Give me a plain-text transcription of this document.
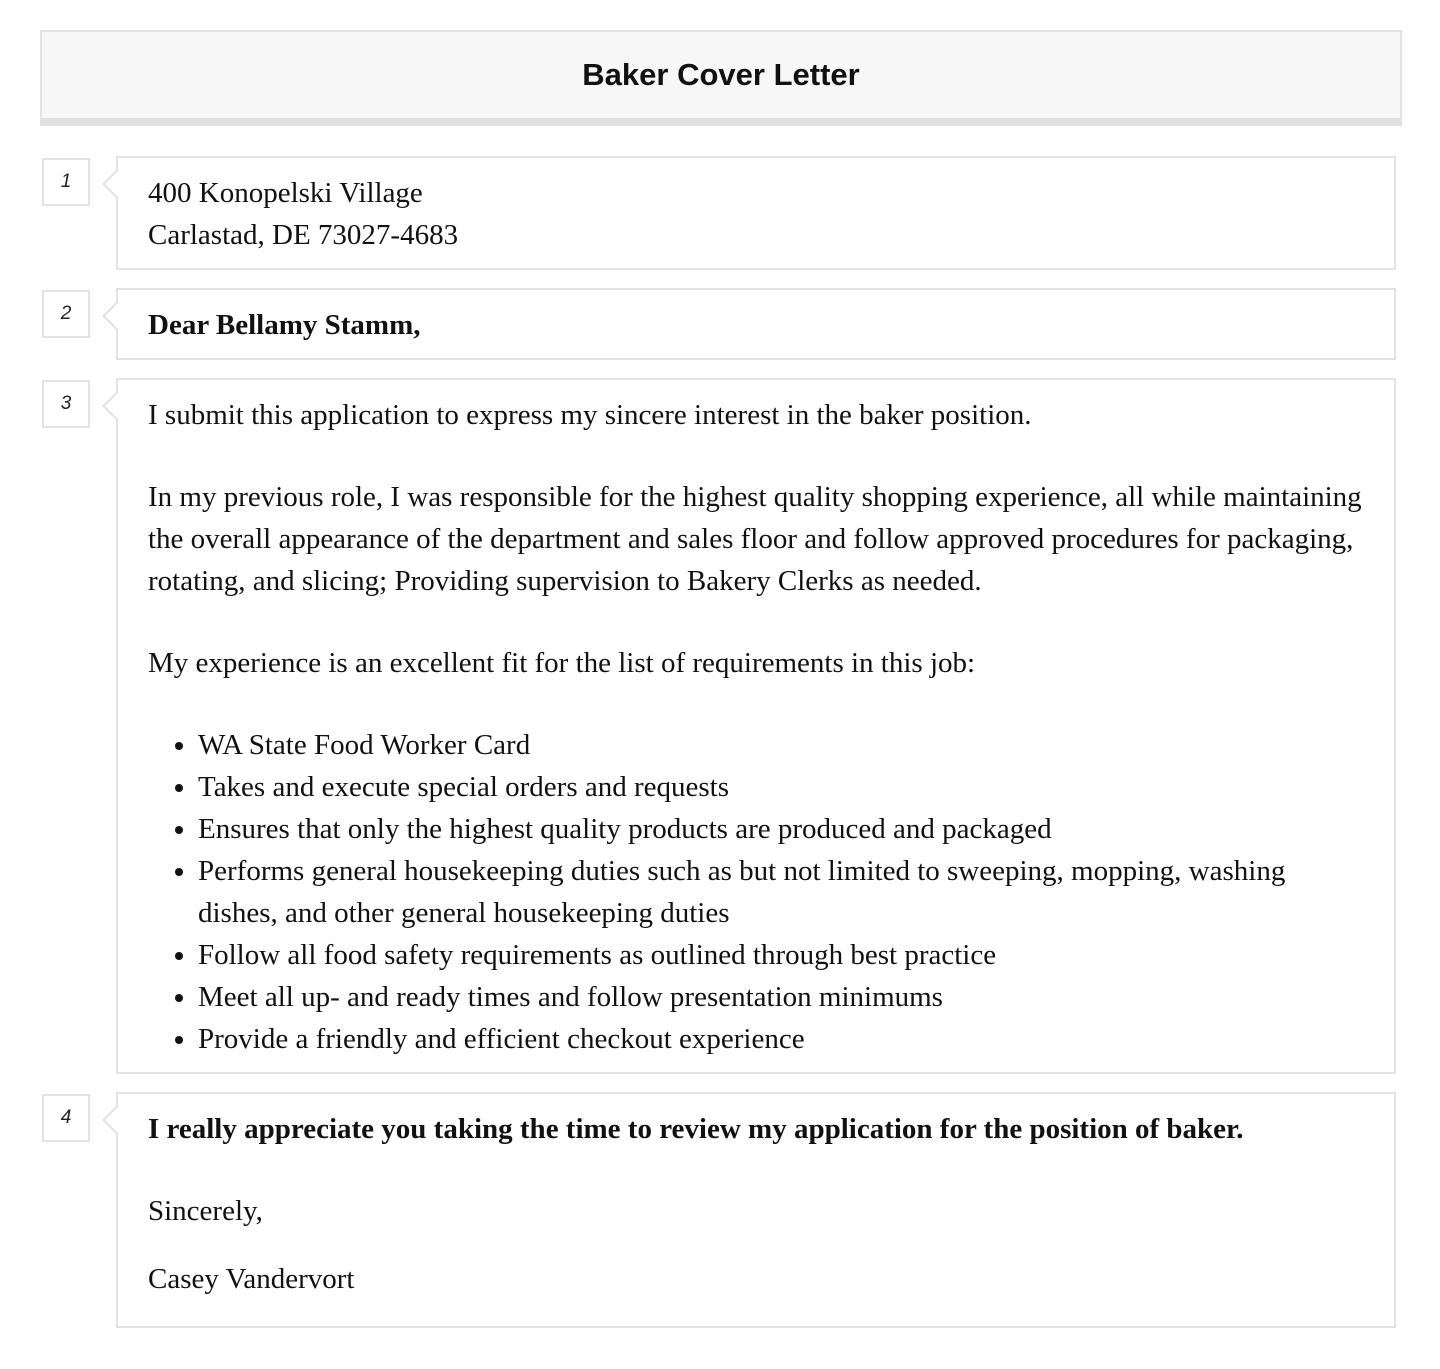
Baker Cover Letter
1	400 Konopelski Village
Carlastad, DE 73027-4683
2	Dear Bellamy Stamm,
3	I submit this application to express my sincere interest in the baker position.

In my previous role, I was responsible for the highest quality shopping experience, all while maintaining the overall appearance of the department and sales floor and follow approved procedures for packaging, rotating, and slicing; Providing supervision to Bakery Clerks as needed.

My experience is an excellent fit for the list of requirements in this job:

• WA State Food Worker Card
• Takes and execute special orders and requests
• Ensures that only the highest quality products are produced and packaged
• Performs general housekeeping duties such as but not limited to sweeping, mopping, washing dishes, and other general housekeeping duties
• Follow all food safety requirements as outlined through best practice
• Meet all up- and ready times and follow presentation minimums
• Provide a friendly and efficient checkout experience
4	I really appreciate you taking the time to review my application for the position of baker.

Sincerely,

Casey Vandervort
